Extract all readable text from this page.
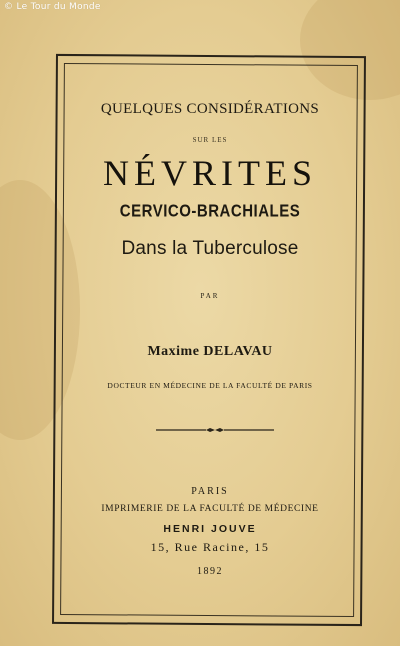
© Le Tour du Monde
QUELQUES CONSIDÉRATIONS
SUR LES
NÉVRITES
CERVICO-BRACHIALES
Dans la Tuberculose
PAR
Maxime DELAVAU
DOCTEUR EN MÉDECINE DE LA FACULTÉ DE PARIS
PARIS
IMPRIMERIE DE LA FACULTÉ DE MÉDECINE
HENRI JOUVE
15, Rue Racine, 15
1892
